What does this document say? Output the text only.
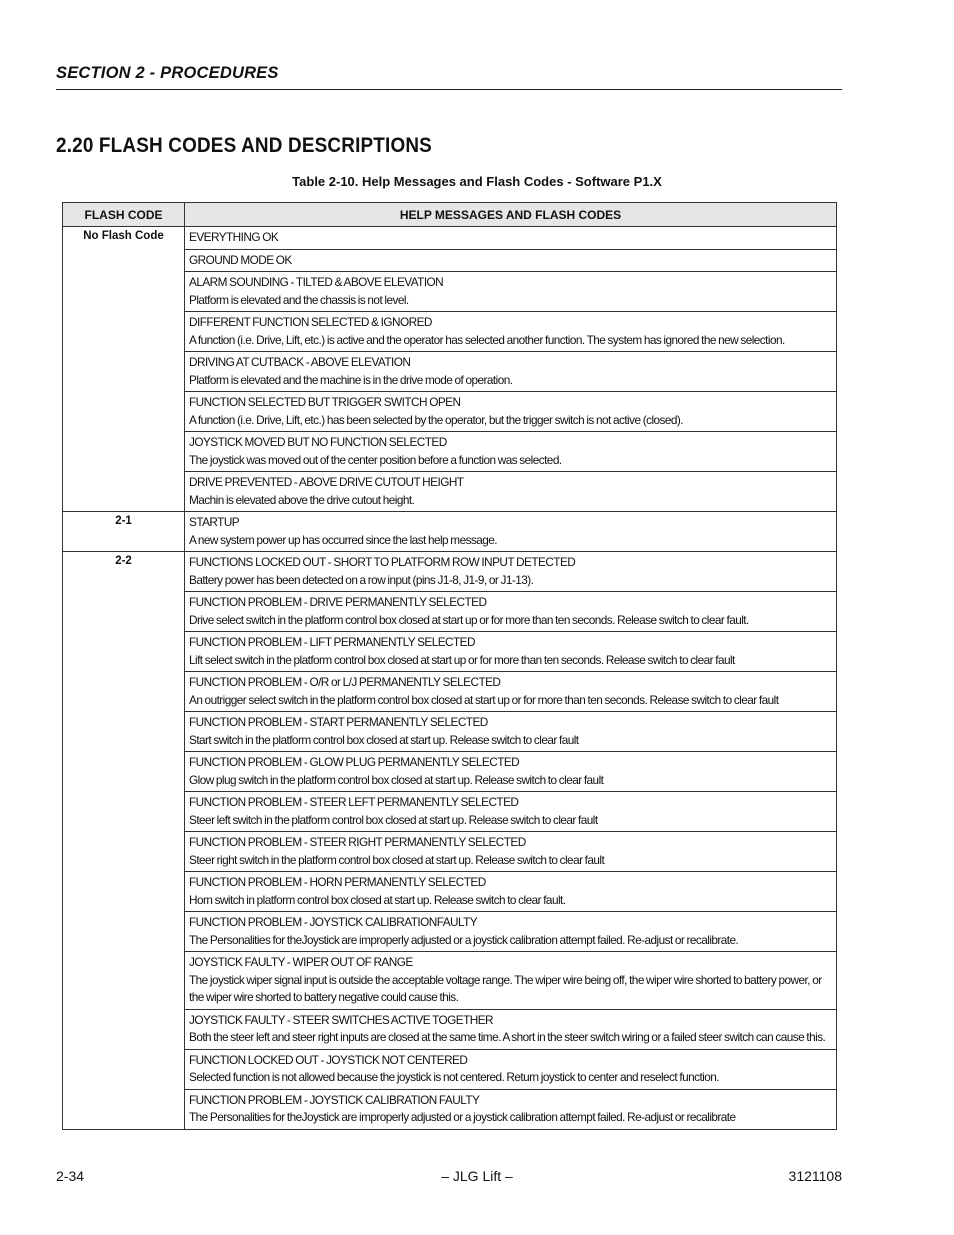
SECTION 2 - PROCEDURES
2.20 FLASH CODES AND DESCRIPTIONS
Table 2-10. Help Messages and Flash Codes - Software P1.X
FLASH CODE	HELP MESSAGES AND FLASH CODES
No Flash Code	EVERYTHING OK

	GROUND MODE OK

	ALARM SOUNDING - TILTED & ABOVE ELEVATION
Platform is elevated and the chassis is not level.

	DIFFERENT FUNCTION SELECTED & IGNORED
A function (i.e. Drive, Lift, etc.) is active and the operator has selected another function. The system has ignored the new selection.

	DRIVING AT CUTBACK - ABOVE ELEVATION
Platform is elevated and the machine is in the drive mode of operation.

	FUNCTION SELECTED BUT TRIGGER SWITCH OPEN
A function (i.e. Drive, Lift, etc.) has been selected by the operator, but the trigger switch is not active (closed).

	JOYSTICK MOVED BUT NO FUNCTION SELECTED
The joystick was moved out of the center position before a function was selected.

	DRIVE PREVENTED - ABOVE DRIVE CUTOUT HEIGHT
Machin is elevated above the drive cutout height.

2-1	STARTUP
A new system power up has occurred since the last help message.

2-2	FUNCTIONS LOCKED OUT - SHORT TO PLATFORM ROW INPUT DETECTED
Battery power has been detected on a row input (pins J1-8, J1-9, or J1-13).

	FUNCTION PROBLEM - DRIVE PERMANENTLY SELECTED
Drive select switch in the platform control box closed at start up or for more than ten seconds. Release switch to clear fault.

	FUNCTION PROBLEM - LIFT PERMANENTLY SELECTED
Lift select switch in the platform control box closed at start up or for more than ten seconds. Release switch to clear fault

	FUNCTION PROBLEM - O/R or L/J PERMANENTLY SELECTED
An outrigger select switch in the platform control box closed at start up or for more than ten seconds. Release switch to clear fault

	FUNCTION PROBLEM - START PERMANENTLY SELECTED
Start switch in the platform control box closed at start up. Release switch to clear fault

	FUNCTION PROBLEM - GLOW PLUG PERMANENTLY SELECTED
Glow plug switch in the platform control box closed at start up. Release switch to clear fault

	FUNCTION PROBLEM - STEER LEFT PERMANENTLY SELECTED
Steer left switch in the platform control box closed at start up. Release switch to clear fault

	FUNCTION PROBLEM - STEER RIGHT PERMANENTLY SELECTED
Steer right switch in the platform control box closed at start up. Release switch to clear fault

	FUNCTION PROBLEM - HORN PERMANENTLY SELECTED
Horn switch in platform control box closed at start up. Release switch to clear fault.

	FUNCTION PROBLEM - JOYSTICK CALIBRATIONFAULTY
The Personalities for theJoystick are improperly adjusted or a joystick calibration attempt failed. Re-adjust or recalibrate.

	JOYSTICK FAULTY - WIPER OUT OF RANGE
The joystick wiper signal input is outside the acceptable voltage range. The wiper wire being off, the wiper wire shorted to battery power, or the wiper wire shorted to battery negative could cause this.

	JOYSTICK FAULTY - STEER SWITCHES ACTIVE TOGETHER
Both the steer left and steer right inputs are closed at the same time. A short in the steer switch wiring or a failed steer switch can cause this.

	FUNCTION LOCKED OUT - JOYSTICK NOT CENTERED
Selected function is not allowed because the joystick is not centered. Return joystick to center and reselect function.

	FUNCTION PROBLEM - JOYSTICK CALIBRATION FAULTY
The Personalities for theJoystick are improperly adjusted or a joystick calibration attempt failed. Re-adjust or recalibrate
2-34	– JLG Lift –	3121108
